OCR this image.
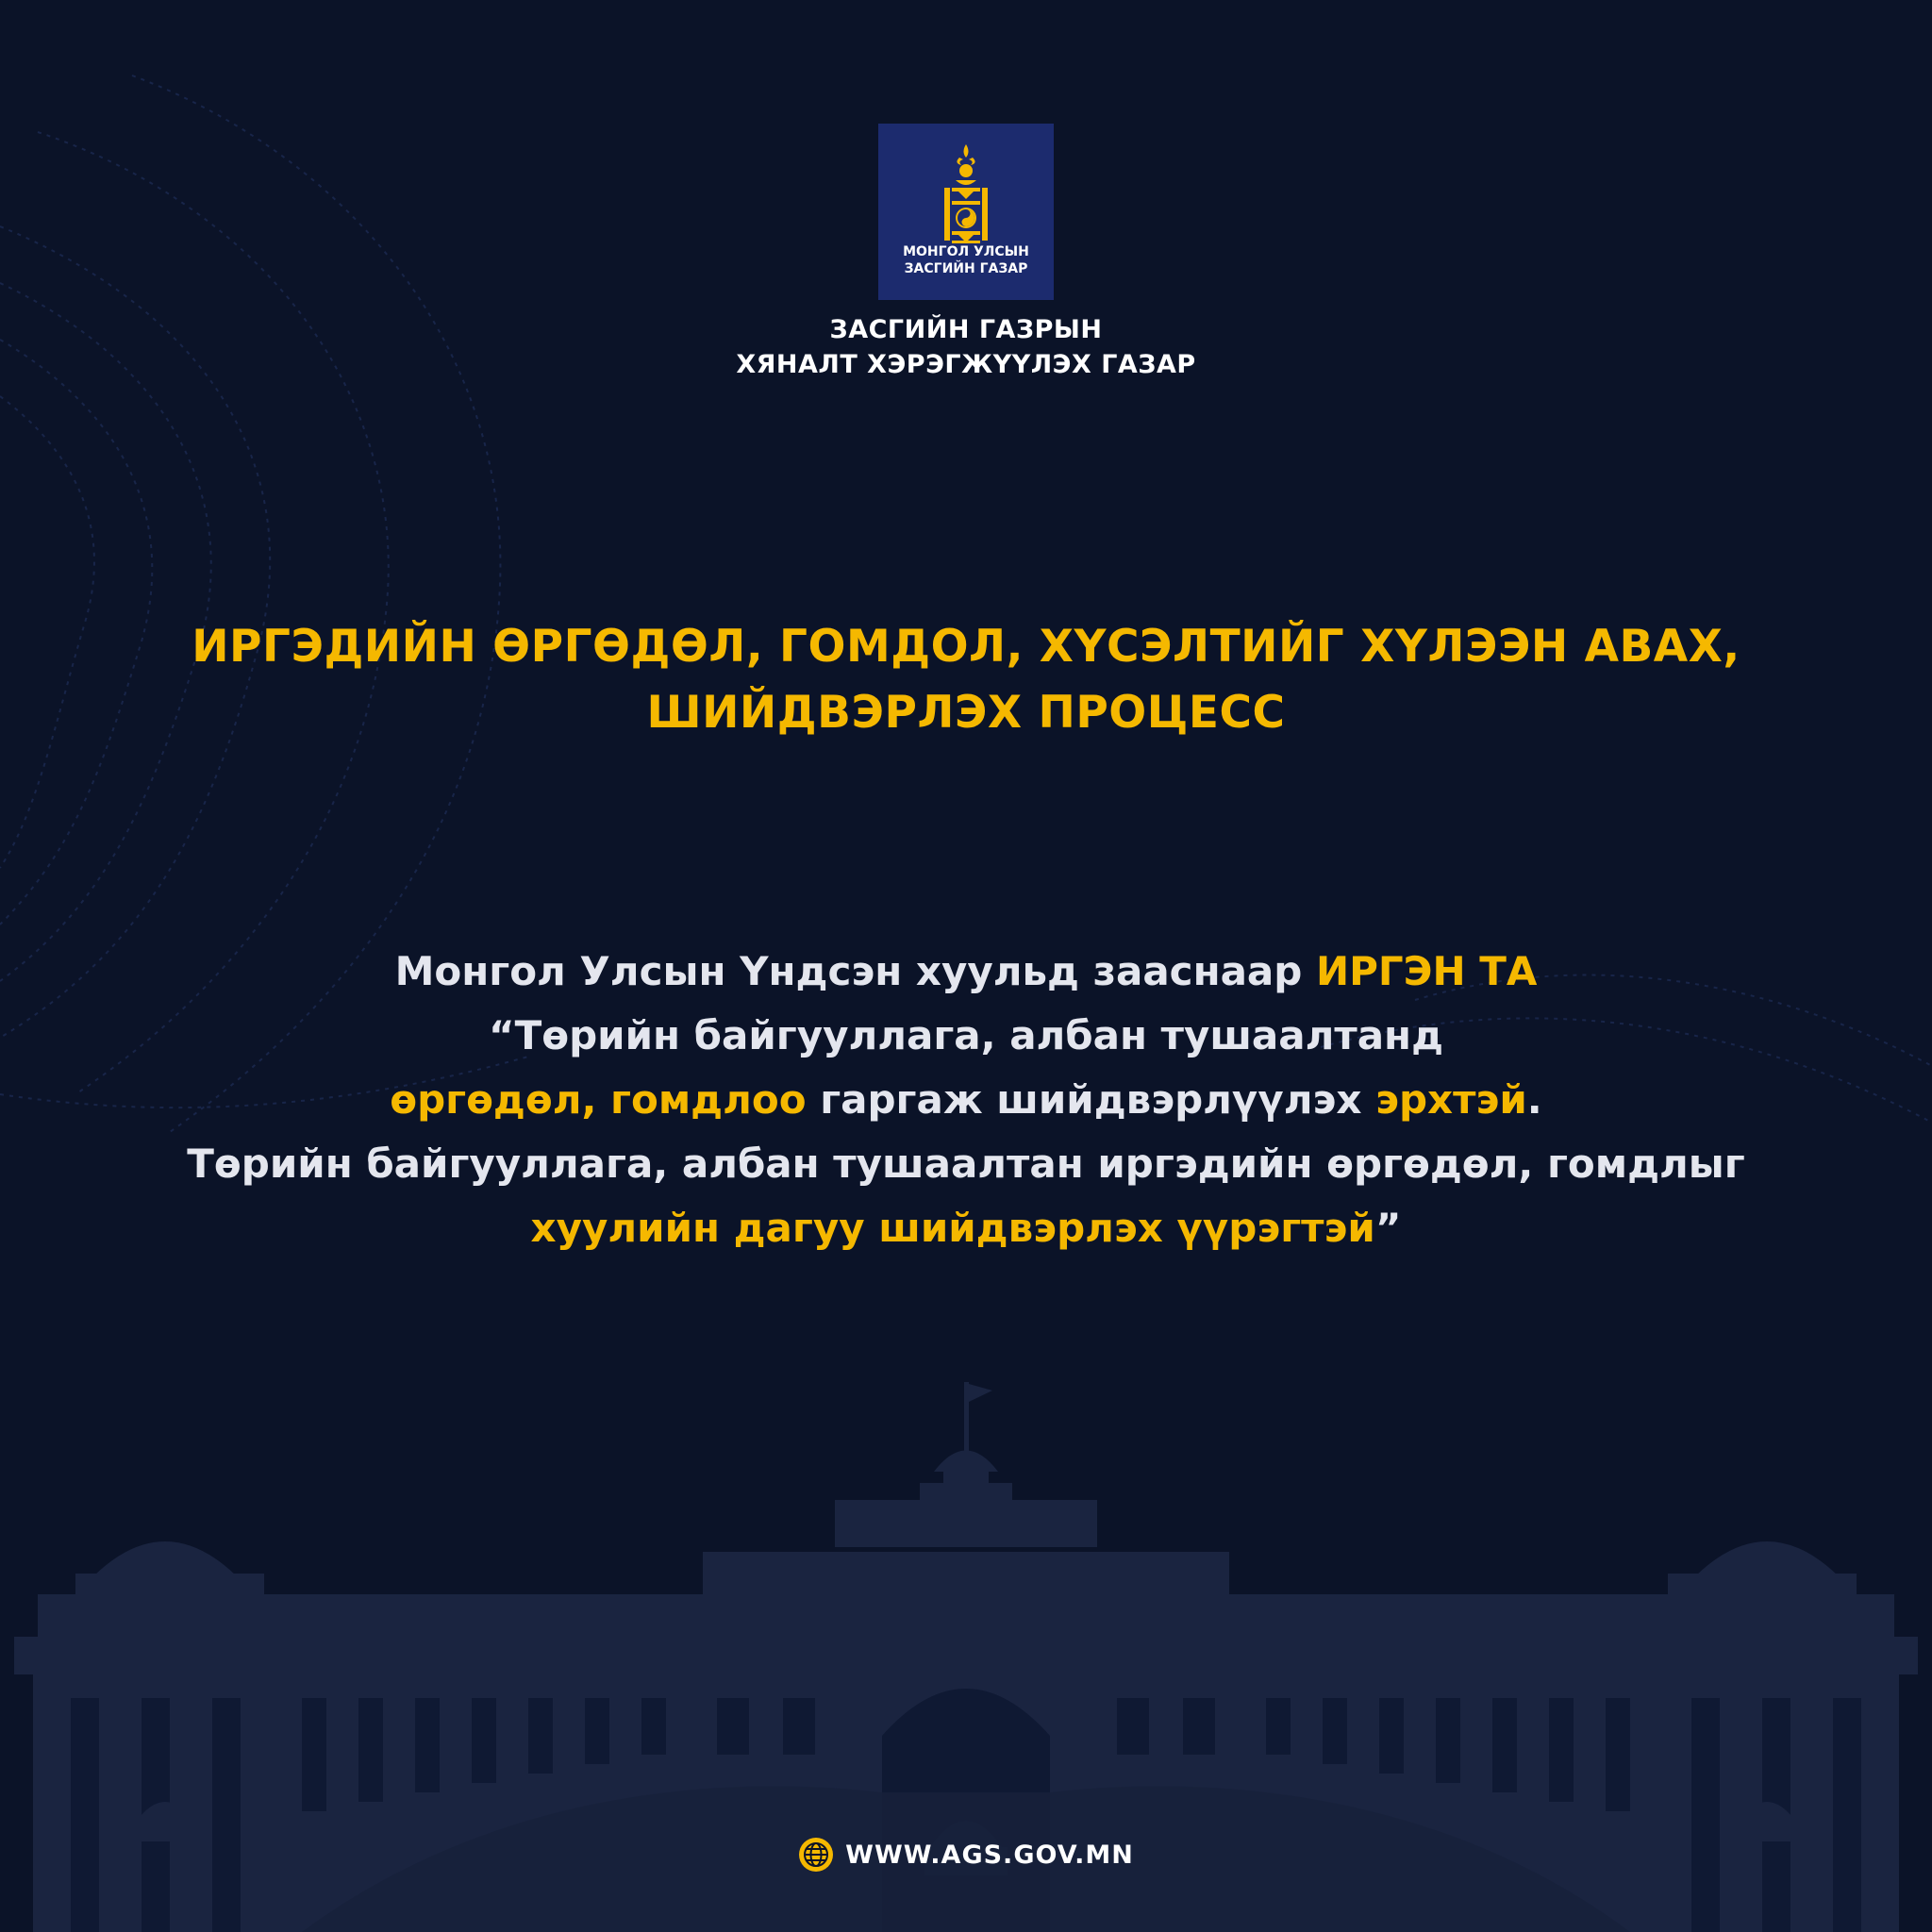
МОНГОЛ УЛСЫН
ЗАСГИЙН ГАЗАР
ЗАСГИЙН ГАЗРЫН
ХЯНАЛТ ХЭРЭГЖҮҮЛЭХ ГАЗАР
ИРГЭДИЙН ӨРГӨДӨЛ, ГОМДОЛ, ХҮСЭЛТИЙГ ХҮЛЭЭН АВАХ,
ШИЙДВЭРЛЭХ ПРОЦЕСС
Монгол Улсын Үндсэн хуульд зааснаар ИРГЭН ТА
“Төрийн байгууллага, албан тушаалтанд
өргөдөл, гомдлоо гаргаж шийдвэрлүүлэх эрхтэй.
Төрийн байгууллага, албан тушаалтан иргэдийн өргөдөл, гомдлыг
хуулийн дагуу шийдвэрлэх үүрэгтэй”
WWW.AGS.GOV.MN
